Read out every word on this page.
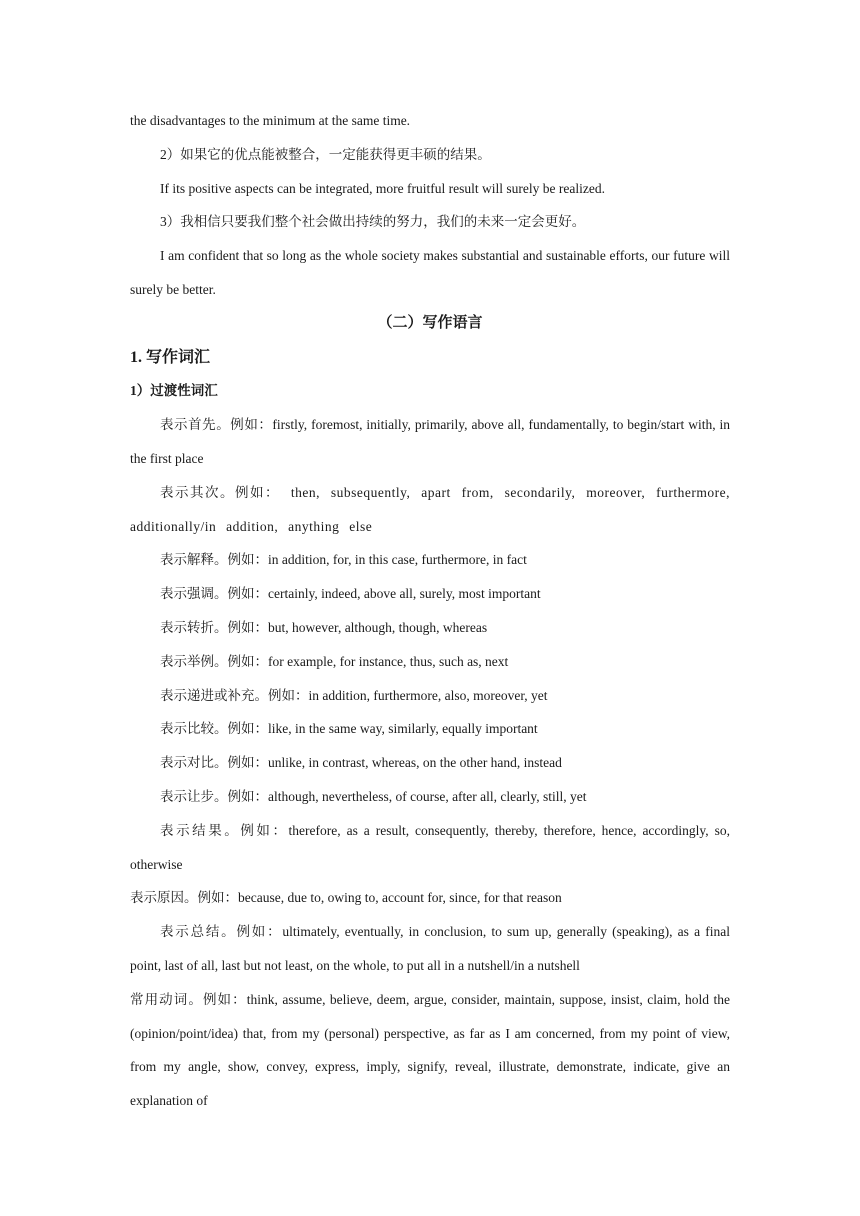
the disadvantages to the minimum at the same time.

2）如果它的优点能被整合，一定能获得更丰硕的结果。

If its positive aspects can be integrated, more fruitful result will surely be realized.

3）我相信只要我们整个社会做出持续的努力，我们的未来一定会更好。

I am confident that so long as the whole society makes substantial and sustainable efforts, our future will surely be better.

（二）写作语言

1. 写作词汇

1）过渡性词汇

表示首先。例如：firstly, foremost, initially, primarily, above all, fundamentally, to begin/start with, in the first place

表示其次。例如： then, subsequently, apart from, secondarily, moreover, furthermore, additionally/in addition, anything else

表示解释。例如：in addition, for, in this case, furthermore, in fact

表示强调。例如：certainly, indeed, above all, surely, most important

表示转折。例如：but, however, although, though, whereas

表示举例。例如：for example, for instance, thus, such as, next

表示递进或补充。例如：in addition, furthermore, also, moreover, yet

表示比较。例如：like, in the same way, similarly, equally important

表示对比。例如：unlike, in contrast, whereas, on the other hand, instead

表示让步。例如：although, nevertheless, of course, after all, clearly, still, yet

表示结果。例如：therefore, as a result, consequently, thereby, therefore, hence, accordingly, so, otherwise

表示原因。例如：because, due to, owing to, account for, since, for that reason

表示总结。例如：ultimately, eventually, in conclusion, to sum up, generally (speaking), as a final point, last of all, last but not least, on the whole, to put all in a nutshell/in a nutshell

常用动词。例如：think, assume, believe, deem, argue, consider, maintain, suppose, insist, claim, hold the (opinion/point/idea) that, from my (personal) perspective, as far as I am concerned, from my point of view, from my angle, show, convey, express, imply, signify, reveal, illustrate, demonstrate, indicate, give an explanation of
